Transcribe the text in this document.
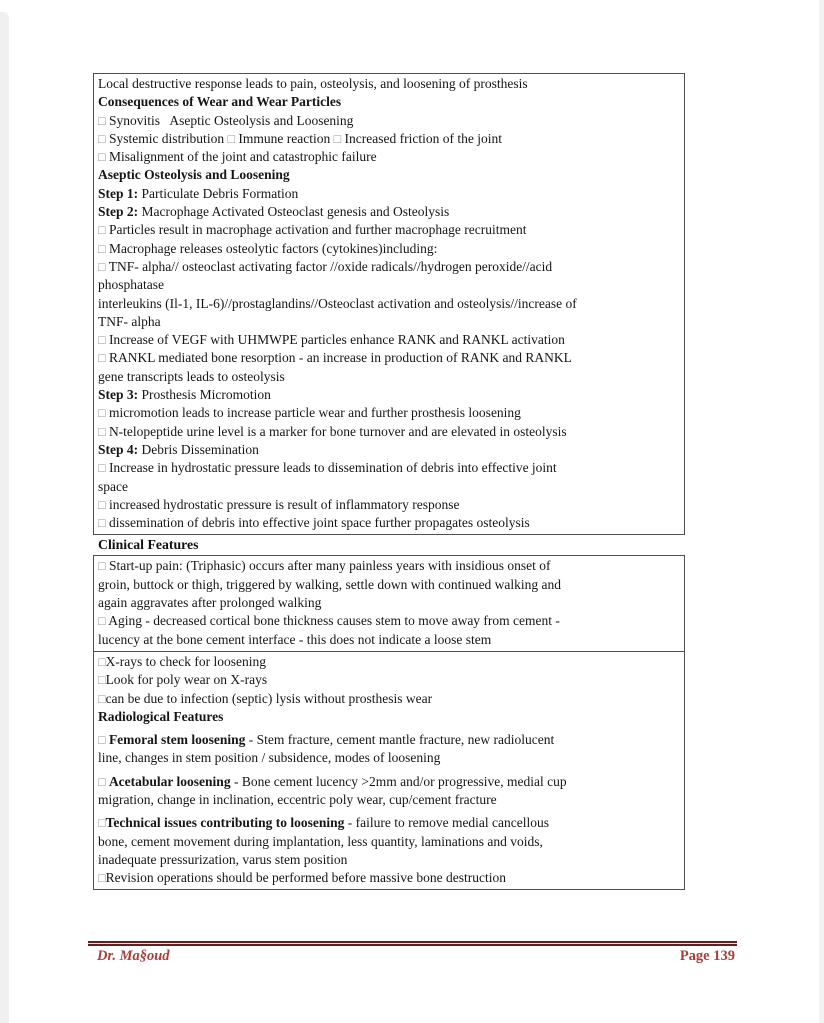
Local destructive response leads to pain, osteolysis, and loosening of prosthesis

Consequences of Wear and Wear Particles

□ Synovitis   Aseptic Osteolysis and Loosening

□ Systemic distribution □ Immune reaction □ Increased friction of the joint

□ Misalignment of the joint and catastrophic failure

Aseptic Osteolysis and Loosening

Step 1: Particulate Debris Formation

Step 2: Macrophage Activated Osteoclast genesis and Osteolysis

□ Particles result in macrophage activation and further macrophage recruitment

□ Macrophage releases osteolytic factors (cytokines)including:

□ TNF- alpha// osteoclast activating factor //oxide radicals//hydrogen peroxide//acid

phosphatase

interleukins (Il-1, IL-6)//prostaglandins//Osteoclast activation and osteolysis//increase of

TNF- alpha

□ Increase of VEGF with UHMWPE particles enhance RANK and RANKL activation

□ RANKL mediated bone resorption - an increase in production of RANK and RANKL

gene transcripts leads to osteolysis

Step 3: Prosthesis Micromotion

□ micromotion leads to increase particle wear and further prosthesis loosening

□ N-telopeptide urine level is a marker for bone turnover and are elevated in osteolysis

Step 4: Debris Dissemination

□ Increase in hydrostatic pressure leads to dissemination of debris into effective joint

space

□ increased hydrostatic pressure is result of inflammatory response

□ dissemination of debris into effective joint space further propagates osteolysis

Clinical Features

□ Start-up pain: (Triphasic) occurs after many painless years with insidious onset of

groin, buttock or thigh, triggered by walking, settle down with continued walking and

again aggravates after prolonged walking

□ Aging - decreased cortical bone thickness causes stem to move away from cement -

lucency at the bone cement interface - this does not indicate a loose stem

□X-rays to check for loosening

□Look for poly wear on X-rays

□can be due to infection (septic) lysis without prosthesis wear

Radiological Features

□ Femoral stem loosening - Stem fracture, cement mantle fracture, new radiolucent

line, changes in stem position / subsidence, modes of loosening

□ Acetabular loosening - Bone cement lucency >2mm and/or progressive, medial cup

migration, change in inclination, eccentric poly wear, cup/cement fracture

□Technical issues contributing to loosening - failure to remove medial cancellous

bone, cement movement during implantation, less quantity, laminations and voids,

inadequate pressurization, varus stem position

□Revision operations should be performed before massive bone destruction

Dr. Ma§oud	Page 139
